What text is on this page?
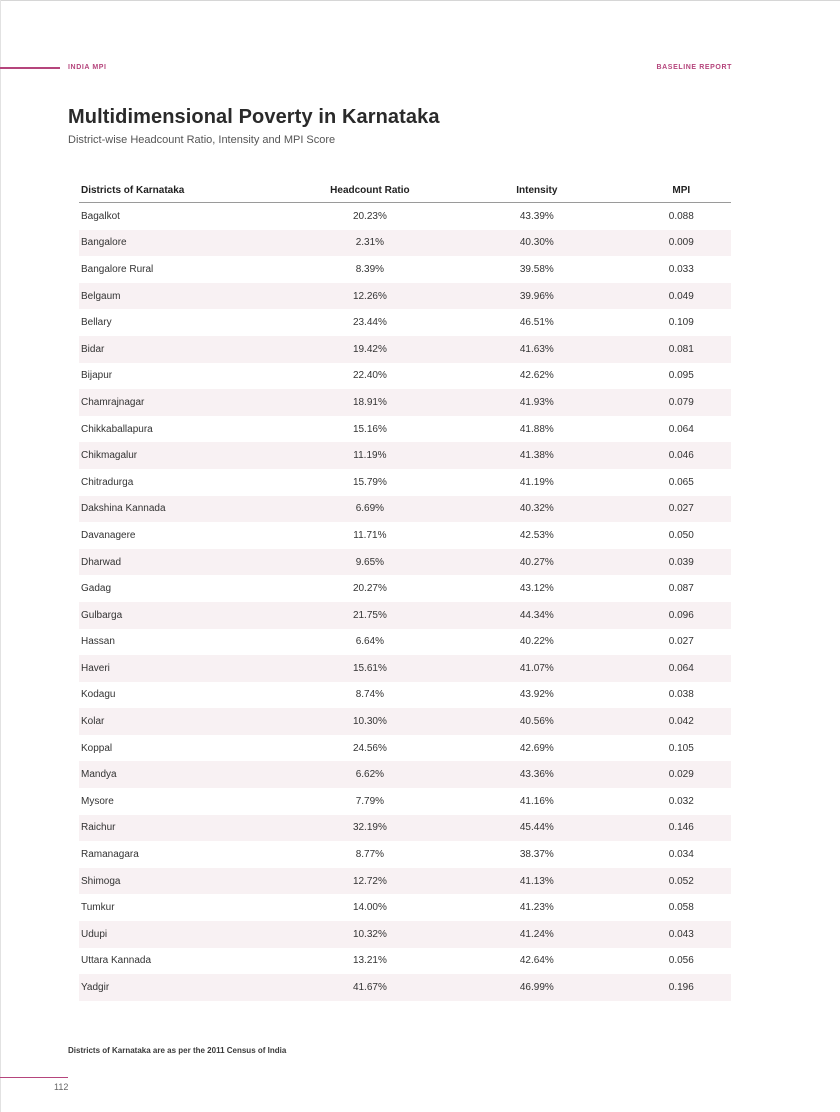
INDIA MPI	BASELINE REPORT
Multidimensional Poverty in Karnataka
District-wise Headcount Ratio, Intensity and MPI Score
Districts of Karnataka	Headcount Ratio	Intensity	MPI
Bagalkot	20.23%	43.39%	0.088
Bangalore	2.31%	40.30%	0.009
Bangalore Rural	8.39%	39.58%	0.033
Belgaum	12.26%	39.96%	0.049
Bellary	23.44%	46.51%	0.109
Bidar	19.42%	41.63%	0.081
Bijapur	22.40%	42.62%	0.095
Chamrajnagar	18.91%	41.93%	0.079
Chikkaballapura	15.16%	41.88%	0.064
Chikmagalur	11.19%	41.38%	0.046
Chitradurga	15.79%	41.19%	0.065
Dakshina Kannada	6.69%	40.32%	0.027
Davanagere	11.71%	42.53%	0.050
Dharwad	9.65%	40.27%	0.039
Gadag	20.27%	43.12%	0.087
Gulbarga	21.75%	44.34%	0.096
Hassan	6.64%	40.22%	0.027
Haveri	15.61%	41.07%	0.064
Kodagu	8.74%	43.92%	0.038
Kolar	10.30%	40.56%	0.042
Koppal	24.56%	42.69%	0.105
Mandya	6.62%	43.36%	0.029
Mysore	7.79%	41.16%	0.032
Raichur	32.19%	45.44%	0.146
Ramanagara	8.77%	38.37%	0.034
Shimoga	12.72%	41.13%	0.052
Tumkur	14.00%	41.23%	0.058
Udupi	10.32%	41.24%	0.043
Uttara Kannada	13.21%	42.64%	0.056
Yadgir	41.67%	46.99%	0.196
Districts of Karnataka are as per the 2011 Census of India
112
